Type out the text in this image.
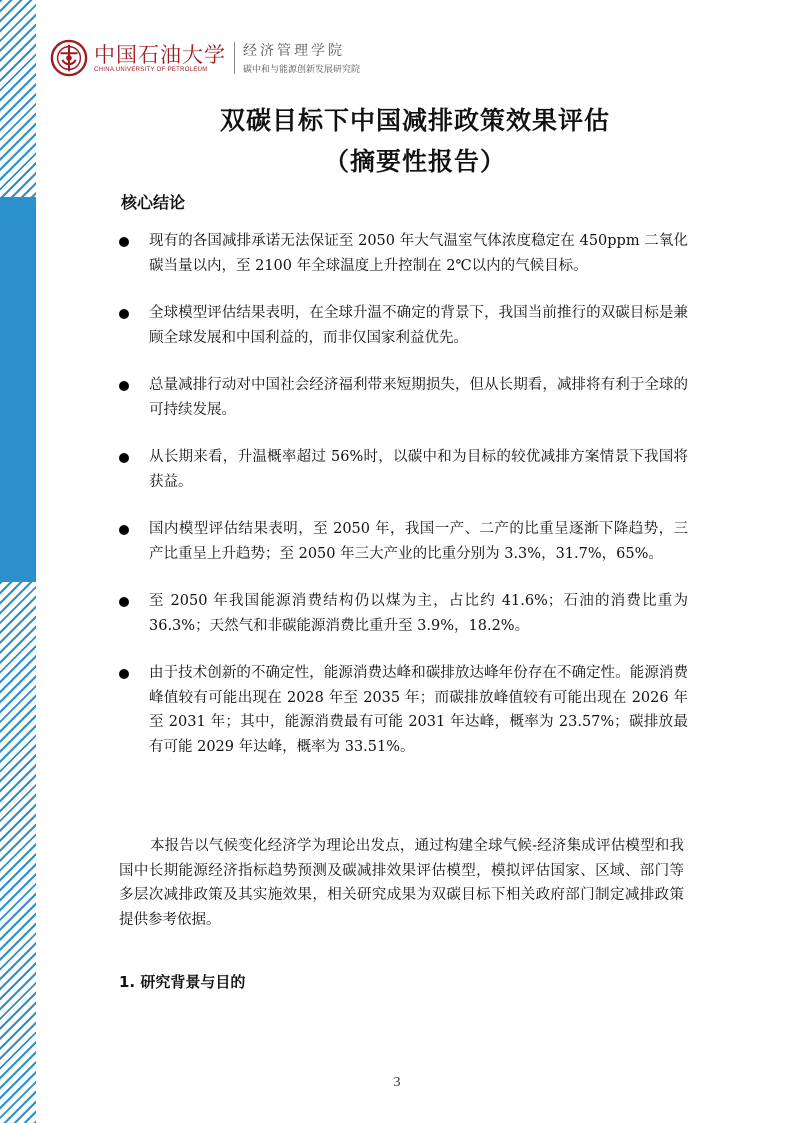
中国石油大学
CHINA UNIVERSITY OF PETROLEUM
经济管理学院
碳中和与能源创新发展研究院
双碳目标下中国减排政策效果评估
（摘要性报告）
核心结论
现有的各国减排承诺无法保证至 2050 年大气温室气体浓度稳定在 450ppm 二氧化碳当量以内，至 2100 年全球温度上升控制在 2℃以内的气候目标。
全球模型评估结果表明，在全球升温不确定的背景下，我国当前推行的双碳目标是兼顾全球发展和中国利益的，而非仅国家利益优先。
总量减排行动对中国社会经济福利带来短期损失，但从长期看，减排将有利于全球的可持续发展。
从长期来看，升温概率超过 56%时，以碳中和为目标的较优减排方案情景下我国将获益。
国内模型评估结果表明，至 2050 年，我国一产、二产的比重呈逐渐下降趋势，三产比重呈上升趋势；至 2050 年三大产业的比重分别为 3.3%，31.7%，65%。
至 2050 年我国能源消费结构仍以煤为主，占比约 41.6%；石油的消费比重为 36.3%；天然气和非碳能源消费比重升至 3.9%，18.2%。
由于技术创新的不确定性，能源消费达峰和碳排放达峰年份存在不确定性。能源消费峰值较有可能出现在 2028 年至 2035 年；而碳排放峰值较有可能出现在 2026 年至 2031 年；其中，能源消费最有可能 2031 年达峰，概率为 23.57%；碳排放最有可能 2029 年达峰，概率为 33.51%。
本报告以气候变化经济学为理论出发点，通过构建全球气候-经济集成评估模型和我国中长期能源经济指标趋势预测及碳减排效果评估模型，模拟评估国家、区域、部门等多层次减排政策及其实施效果，相关研究成果为双碳目标下相关政府部门制定减排政策提供参考依据。
1. 研究背景与目的
3
